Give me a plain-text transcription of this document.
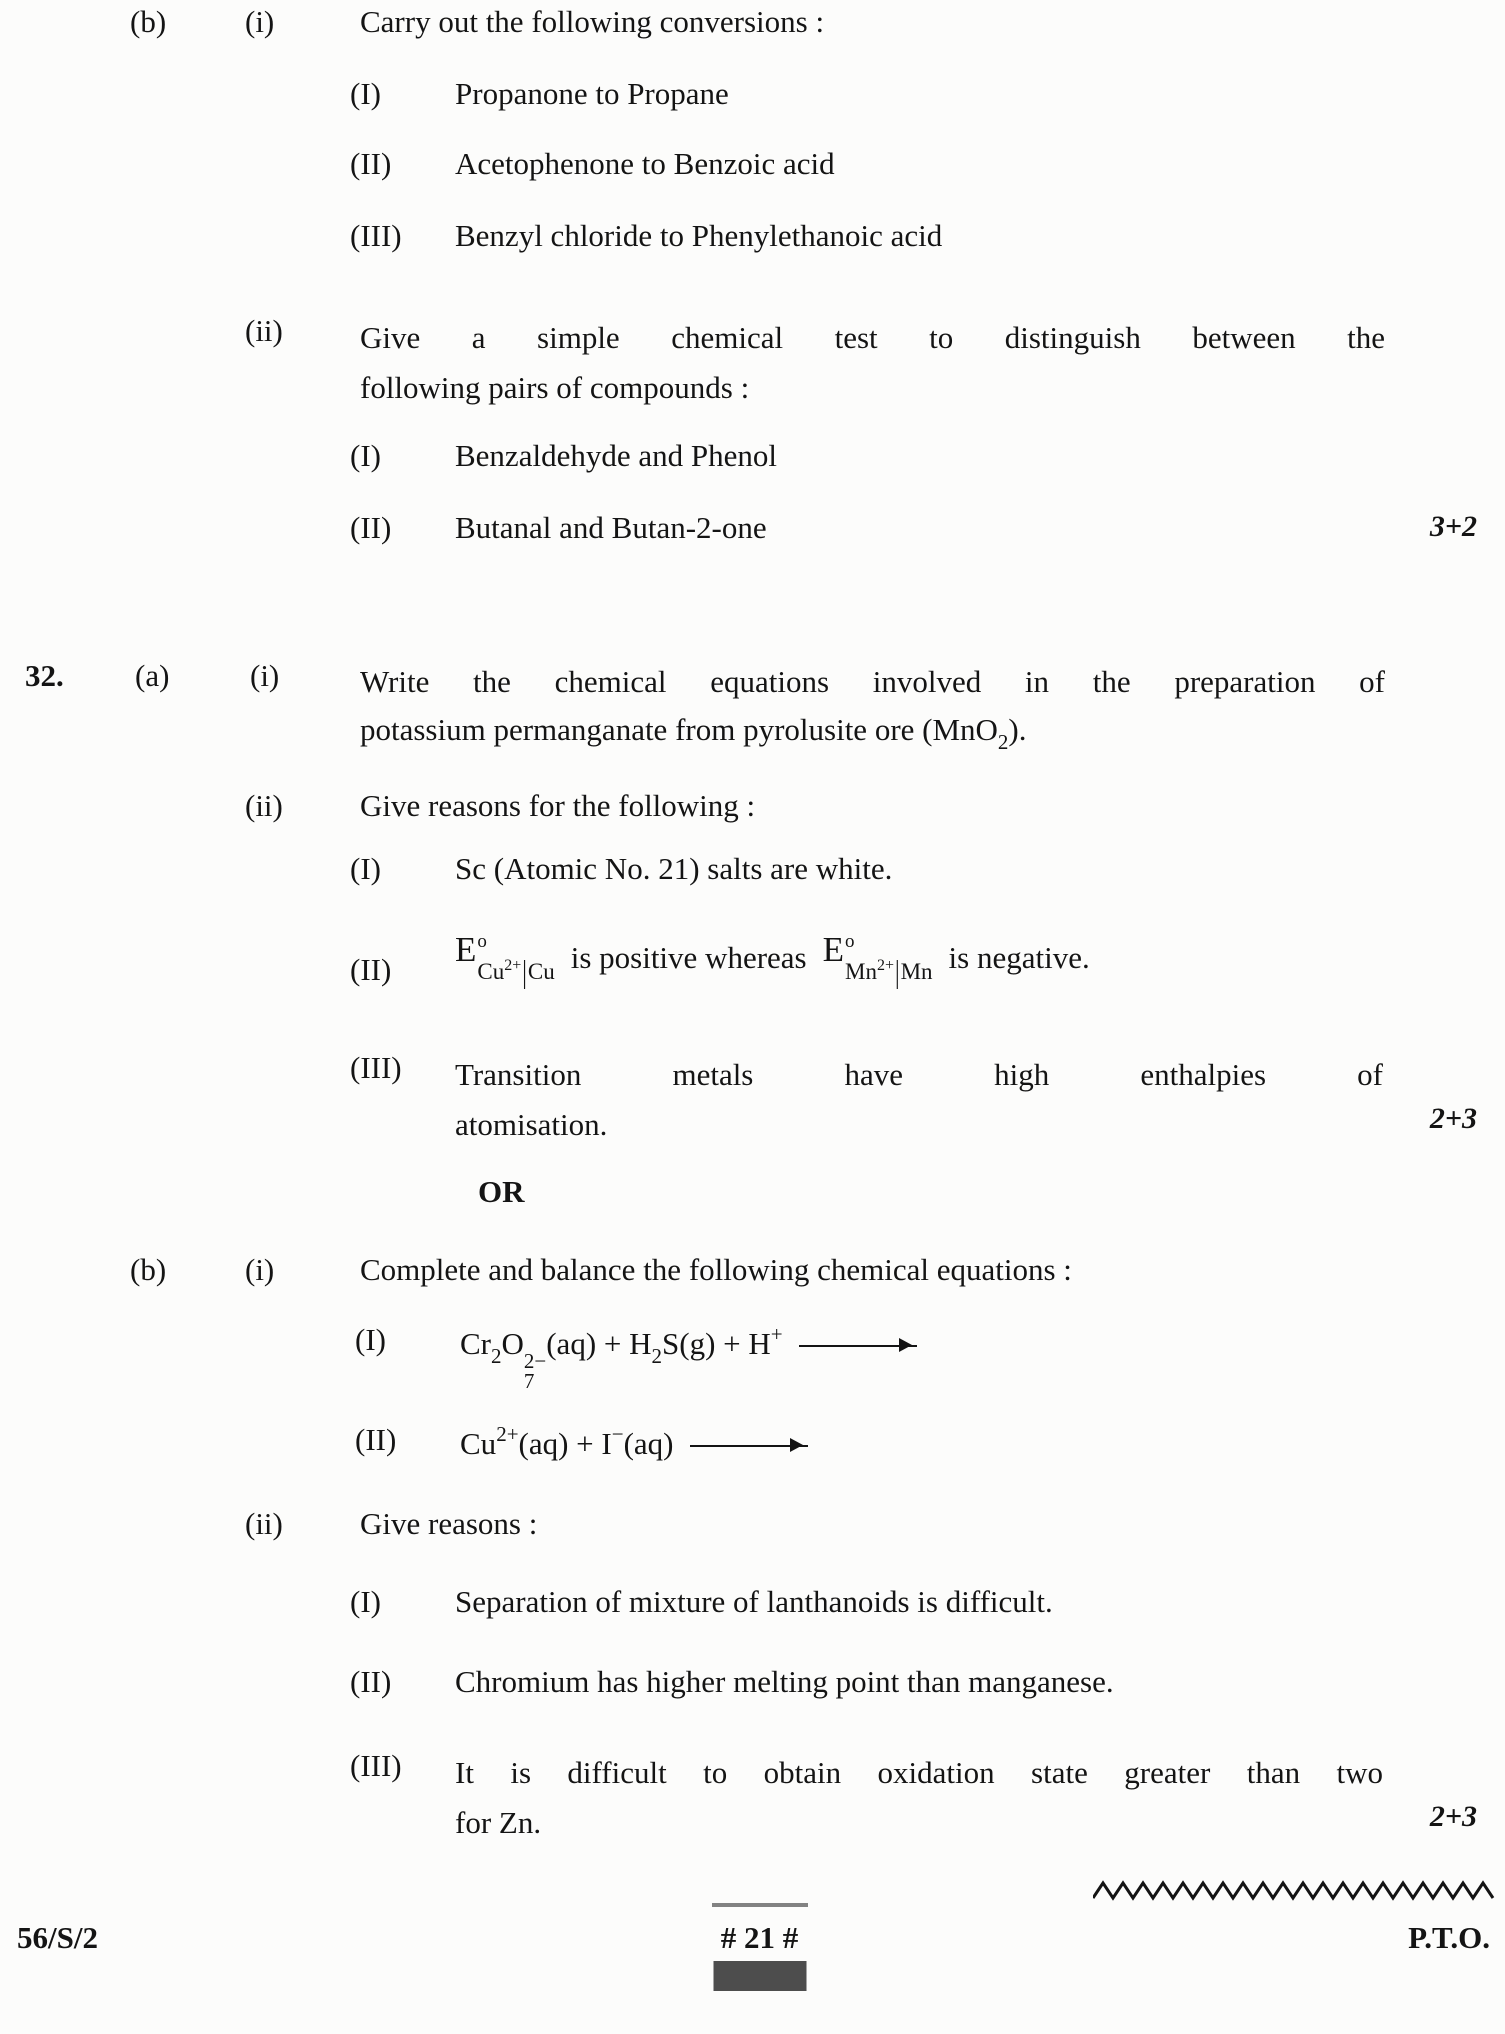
(b)	(i)	Carry out the following conversions :
(I) Propanone to Propane
(II) Acetophenone to Benzoic acid
(III) Benzyl chloride to Phenylethanoic acid
(ii) Give a simple chemical test to distinguish between the
following pairs of compounds :
(I) Benzaldehyde and Phenol
(II) Butanal and Butan-2-one	3+2
32. (a)	(i)	Write the chemical equations involved in the preparation of
potassium permanganate from pyrolusite ore (MnO$_2$).
(ii) Give reasons for the following :
(I) Sc (Atomic No. 21) salts are white.
(II)
E o
$Cu^{2+}|Cu$ is positive whereas E o
$Mn^{2+}|Mn$ is negative.
(III)
2+3
Transition metals have high enthalpies of
atomisation.
OR
(b)	(i)	Complete and balance the following chemical equations :
(I) $Cr_2O$ 2−
7
$(aq) + H_2S(g) + H^+$ →
(II) $Cu^{2+}(aq) + I^-(aq)$ →
(ii) Give reasons :
(I) Separation of mixture of lanthanoids is difficult.
(II) Chromium has higher melting point than manganese.
(III)
2+3
It is difficult to obtain oxidation state greater than two
for Zn.
56/S/2	# 21 #	P.T.O.
